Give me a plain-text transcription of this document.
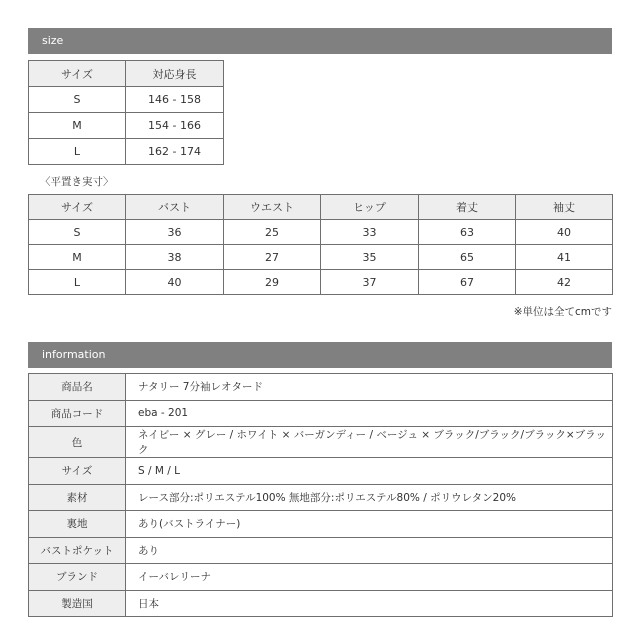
size
サイズ	対応身長
S	146 - 158
M	154 - 166
L	162 - 174
〈平置き実寸〉
サイズ	バスト	ウエスト	ヒップ	着丈	袖丈
S	36	25	33	63	40
M	38	27	35	65	41
L	40	29	37	67	42
※単位は全てcmです
information
商品名	ナタリー 7分袖レオタード
商品コード	eba - 201
色	ネイビー × グレー / ホワイト × バーガンディー / ベージュ × ブラック/ブラック/ブラック×ブラック
サイズ	S / M / L
素材	レース部分:ポリエステル100% 無地部分:ポリエステル80% / ポリウレタン20%
裏地	あり(バストライナー)
バストポケット	あり
ブランド	イーバレリーナ
製造国	日本
